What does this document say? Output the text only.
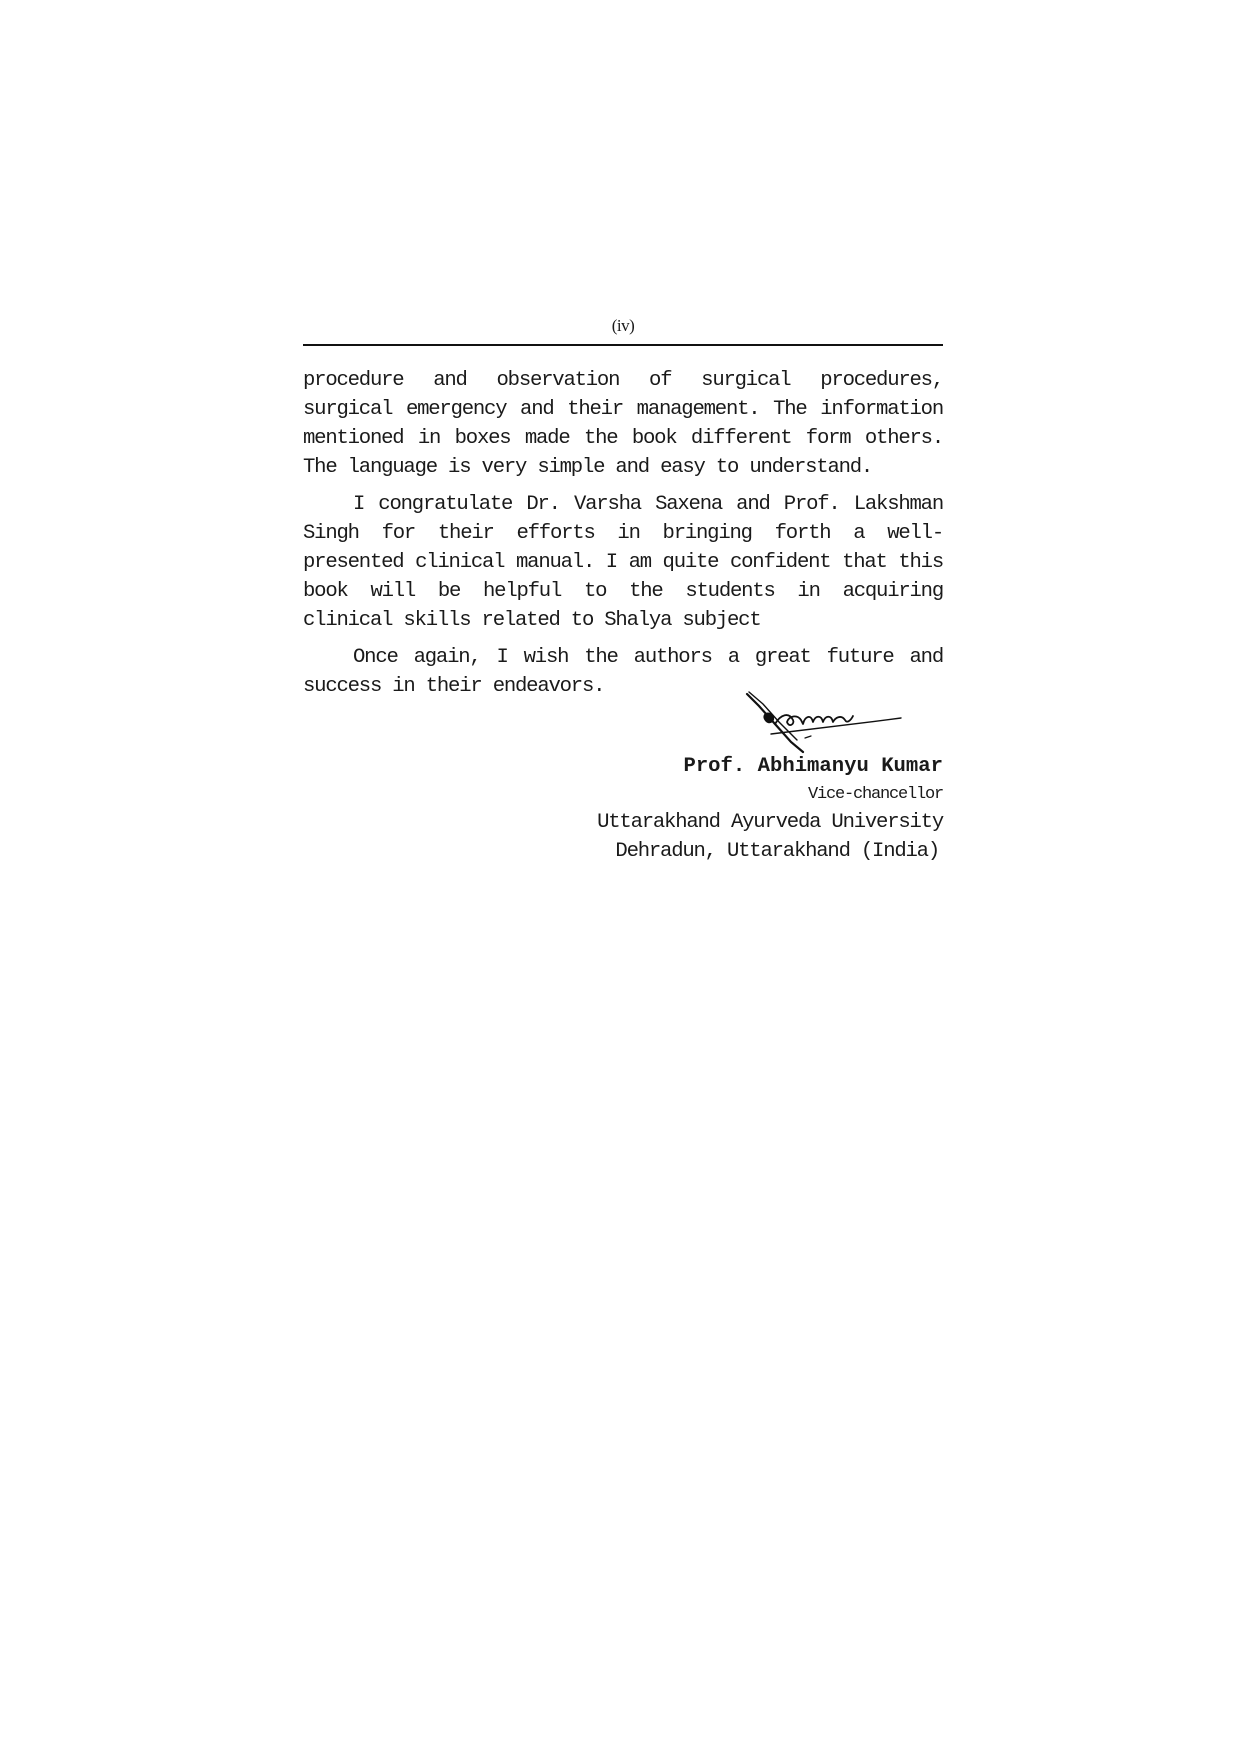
(iv)

procedure and observation of surgical procedures, surgical emergency and their management. The information mentioned in boxes made the book different form others. The language is very simple and easy to understand.

I congratulate Dr. Varsha Saxena and Prof. Lakshman Singh for their efforts in bringing forth a well-presented clinical manual. I am quite confident that this book will be helpful to the students in acquiring clinical skills related to Shalya subject

Once again, I wish the authors a great future and success in their endeavors.

Prof. Abhimanyu Kumar
Vice-chancellor
Uttarakhand Ayurveda University
Dehradun, Uttarakhand (India)
